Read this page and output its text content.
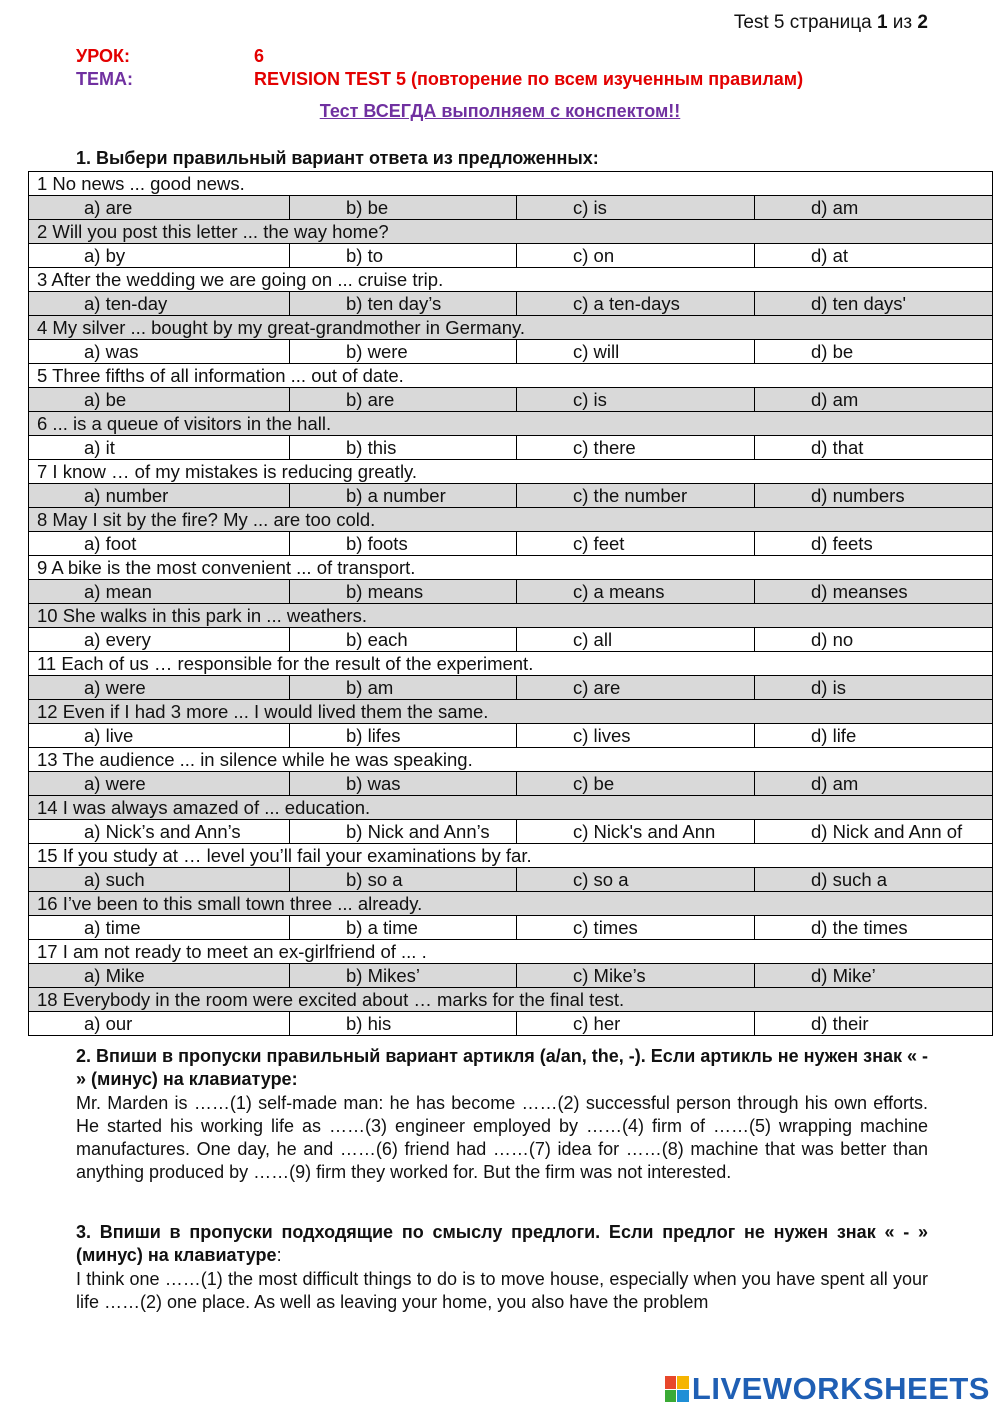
Test 5 страница 1 из 2
УРОК:	6
ТЕМА:	REVISION TEST 5 (повторение по всем изученным правилам)
Тест ВСЕГДА выполняем с конспектом!!
1. Выбери правильный вариант ответа из предложенных:
1 No news ... good news.			
a) are	b) be	c) is	d) am
2 Will you post this letter ... the way home?			
a) by	b) to	c) on	d) at
3 After the wedding we are going on ... cruise trip.			
a) ten-day	b) ten day’s	c) a ten-days	d) ten days'
4 My silver ... bought by my great-grandmother in Germany.			
a) was	b) were	c) will	d) be
5 Three fifths of all information ... out of date.			
a) be	b) are	c) is	d) am
6 ... is a queue of visitors in the hall.			
a) it	b) this	c) there	d) that
7 I know … of my mistakes is reducing greatly.			
a) number	b) a number	c) the number	d) numbers
8 May I sit by the fire? My ... are too cold.			
a) foot	b) foots	c) feet	d) feets
9 A bike is the most convenient ... of transport.			
a) mean	b) means	c) a means	d) meanses
10 She walks in this park in ... weathers.			
a) every	b) each	c) all	d) no
11 Each of us … responsible for the result of the experiment.			
a) were	b) am	c) are	d) is
12 Even if I had 3 more ... I would lived them the same.			
a) live	b) lifes	c) lives	d) life
13 The audience ... in silence while he was speaking.			
a) were	b) was	c) be	d) am
14 I was always amazed of ... education.			
a) Nick’s and Ann’s	b) Nick and Ann’s	c) Nick's and Ann	d) Nick and Ann of
15 If you study at … level you’ll fail your examinations by far.			
a) such	b) so a	c) so a	d) such a
16 I’ve been to this small town three ... already.			
a) time	b) a time	c) times	d) the times
17 I am not ready to meet an ex-girlfriend of ... .			
a) Mike	b) Mikes’	c) Mike’s	d) Mike’
18 Everybody in the room were excited about … marks for the final test.			
a) our	b) his	c) her	d) their
2. Впиши в пропуски правильный вариант артикля (a/an, the, -). Если артикль не нужен знак « - » (минус) на клавиатуре:
Mr. Marden is ……(1) self-made man: he has become ……(2) successful person through his own efforts. He started his working life as ……(3) engineer employed by ……(4) firm of ……(5) wrapping machine manufactures. One day, he and ……(6) friend had ……(7) idea for ……(8) machine that was better than anything produced by ……(9) firm they worked for. But the firm was not interested.
3. Впиши в пропуски подходящие по смыслу предлоги. Если предлог не нужен знак « - » (минус) на клавиатуре:
I think one ……(1) the most difficult things to do is to move house, especially when you have spent all your life ……(2) one place. As well as leaving your home, you also have the problem
LIVEWORKSHEETS
